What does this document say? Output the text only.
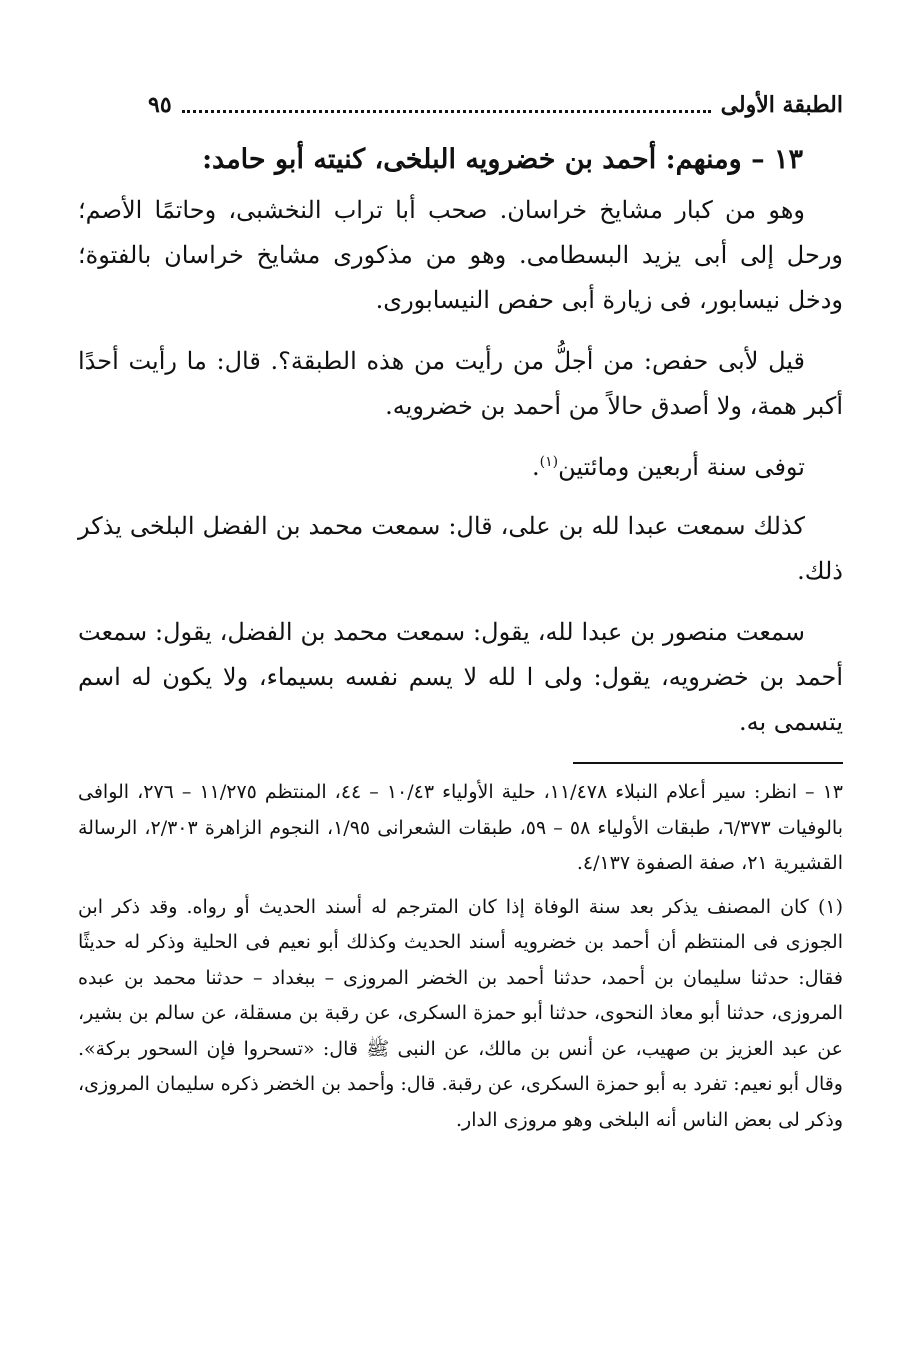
الطبقة الأولى
٩٥
١٣ – ومنهم: أحمد بن خضرويه البلخى، كنيته أبو حامد:

وهو من كبار مشايخ خراسان. صحب أبا تراب النخشبى، وحاتمًا الأصم؛ ورحل إلى أبى يزيد البسطامى. وهو من مذكورى مشايخ خراسان بالفتوة؛ ودخل نيسابور، فى زيارة أبى حفص النيسابورى.

قيل لأبى حفص: من أجلُّ من رأيت من هذه الطبقة؟. قال: ما رأيت أحدًا أكبر همة، ولا أصدق حالاً من أحمد بن خضرويه.

توفى سنة أربعين ومائتين$^{(١)}$.

كذلك سمعت عبدا لله بن على، قال: سمعت محمد بن الفضل البلخى يذكر ذلك.

سمعت منصور بن عبدا لله، يقول: سمعت محمد بن الفضل، يقول: سمعت أحمد بن خضرويه، يقول: ولى ا لله لا يسم نفسه بسيماء، ولا يكون له اسم يتسمى به.

١٣ – انظر: سير أعلام النبلاء ١١/٤٧٨، حلية الأولياء ١٠/٤٣ – ٤٤، المنتظم ١١/٢٧٥ – ٢٧٦، الوافى بالوفيات ٦/٣٧٣، طبقات الأولياء ٥٨ – ٥٩، طبقات الشعرانى ١/٩٥، النجوم الزاهرة ٢/٣٠٣، الرسالة القشيرية ٢١، صفة الصفوة ٤/١٣٧.

(١) كان المصنف يذكر بعد سنة الوفاة إذا كان المترجم له أسند الحديث أو رواه. وقد ذكر ابن الجوزى فى المنتظم أن أحمد بن خضرويه أسند الحديث وكذلك أبو نعيم فى الحلية وذكر له حديثًا فقال: حدثنا سليمان بن أحمد، حدثنا أحمد بن الخضر المروزى – ببغداد – حدثنا محمد بن عبده المروزى، حدثنا أبو معاذ النحوى، حدثنا أبو حمزة السكرى، عن رقبة بن مسقلة، عن سالم بن بشير، عن عبد العزيز بن صهيب، عن أنس بن مالك، عن النبى ﷺ قال: «تسحروا فإن السحور بركة». وقال أبو نعيم: تفرد به أبو حمزة السكرى، عن رقبة. قال: وأحمد بن الخضر ذكره سليمان المروزى، وذكر لى بعض الناس أنه البلخى وهو مروزى الدار.
